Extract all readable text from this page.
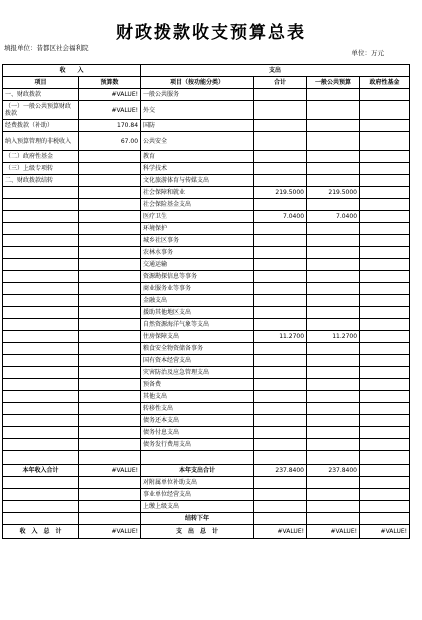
财政拨款收支预算总表
填报单位：昔都区社会福利院
单位：万元
收　　入		支出			
项目	预算数	项目（按功能分类）	合计	一般公共预算	政府性基金
一、财政拨款	#VALUE!	一般公共服务			
（一）一般公共预算财政拨款	#VALUE!	外交			
经费拨款（补助）	170.84	国防			
纳入预算管理的非税收入	67.00	公共安全			
（二）政府性基金		教育			
（三）上级专项转		科学技术			
二、财政拨款结转		文化旅游体育与传媒支出			
		社会保障和就业	219.5000	219.5000	
		社会保险基金支出			
		医疗卫生	7.0400	7.0400	
		环境保护			
		城乡社区事务			
		农林水事务			
		交通运输			
		资源勘探信息等事务			
		商业服务业等事务			
		金融支出			
		援助其他地区支出			
		自然资源海洋气象等支出			
		住房保障支出	11.2700	11.2700	
		粮食安全物资储备事务			
		国有资本经营支出			
		灾害防治及应急管理支出			
		预备费			
		其他支出			
		转移性支出			
		债务还本支出			
		债务付息支出			
		债务发行费用支出			

本年收入合计	#VALUE!	本年支出合计	237.8400	237.8400	
		对附属单位补助支出			
		事业单位经营支出			
		上缴上级支出			
		结转下年			
收　入　总　计	#VALUE!	支　出　总　计	#VALUE!	#VALUE!	#VALUE!
